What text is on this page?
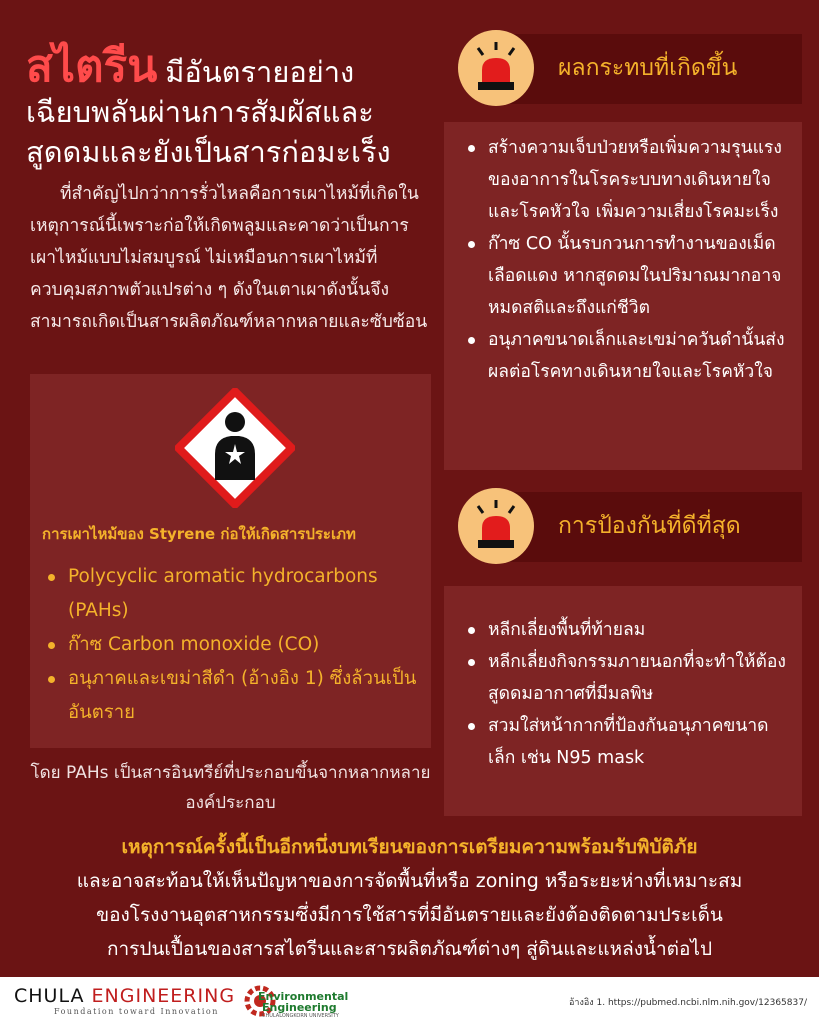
สไตรีน มีอันตรายอย่าง
เฉียบพลันผ่านการสัมผัสและ
สูดดมและยังเป็นสารก่อมะเร็ง

ที่สำคัญไปกว่าการรั่วไหลคือการเผาไหม้ที่เกิดในเหตุการณ์นี้เพราะก่อให้เกิดพลูมและคาดว่าเป็นการเผาไหม้แบบไม่สมบูรณ์ ไม่เหมือนการเผาไหม้ที่ควบคุมสภาพตัวแปรต่าง ๆ ดังในเตาเผาดังนั้นจึงสามารถเกิดเป็นสารผลิตภัณฑ์หลากหลายและซับซ้อน

การเผาไหม้ของ Styrene ก่อให้เกิดสารประเภท
Polycyclic aromatic hydrocarbons (PAHs)
ก๊าซ Carbon monoxide (CO)
อนุภาคและเขม่าสีดำ (อ้างอิง 1) ซึ่งล้วนเป็นอันตราย

โดย PAHs เป็นสารอินทรีย์ที่ประกอบขึ้นจากหลากหลายองค์ประกอบ

ผลกระทบที่เกิดขึ้น
สร้างความเจ็บป่วยหรือเพิ่มความรุนแรงของอาการในโรคระบบทางเดินหายใจและโรคหัวใจ เพิ่มความเสี่ยงโรคมะเร็ง
ก๊าซ CO นั้นรบกวนการทำงานของเม็ดเลือดแดง หากสูดดมในปริมาณมากอาจหมดสติและถึงแก่ชีวิต
อนุภาคขนาดเล็กและเขม่าควันดำนั้นส่งผลต่อโรคทางเดินหายใจและโรคหัวใจ
การป้องกันที่ดีที่สุด
หลีกเลี่ยงพื้นที่ท้ายลม
หลีกเลี่ยงกิจกรรมภายนอกที่จะทำให้ต้องสูดดมอากาศที่มีมลพิษ
สวมใส่หน้ากากที่ป้องกันอนุภาคขนาดเล็ก เช่น N95 mask
เหตุการณ์ครั้งนี้เป็นอีกหนึ่งบทเรียนของการเตรียมความพร้อมรับพิบัติภัย
และอาจสะท้อนให้เห็นปัญหาของการจัดพื้นที่หรือ zoning หรือระยะห่างที่เหมาะสม
ของโรงงานอุตสาหกรรมซึ่งมีการใช้สารที่มีอันตรายและยังต้องติดตามประเด็น
การปนเปื้อนของสารสไตรีนและสารผลิตภัณฑ์ต่างๆ สู่ดินและแหล่งน้ำต่อไป
CHULA ENGINEERING
Foundation toward Innovation
Environmental
Engineering
CHULALONGKORN UNIVERSITY
อ้างอิง 1. https://pubmed.ncbi.nlm.nih.gov/12365837/
